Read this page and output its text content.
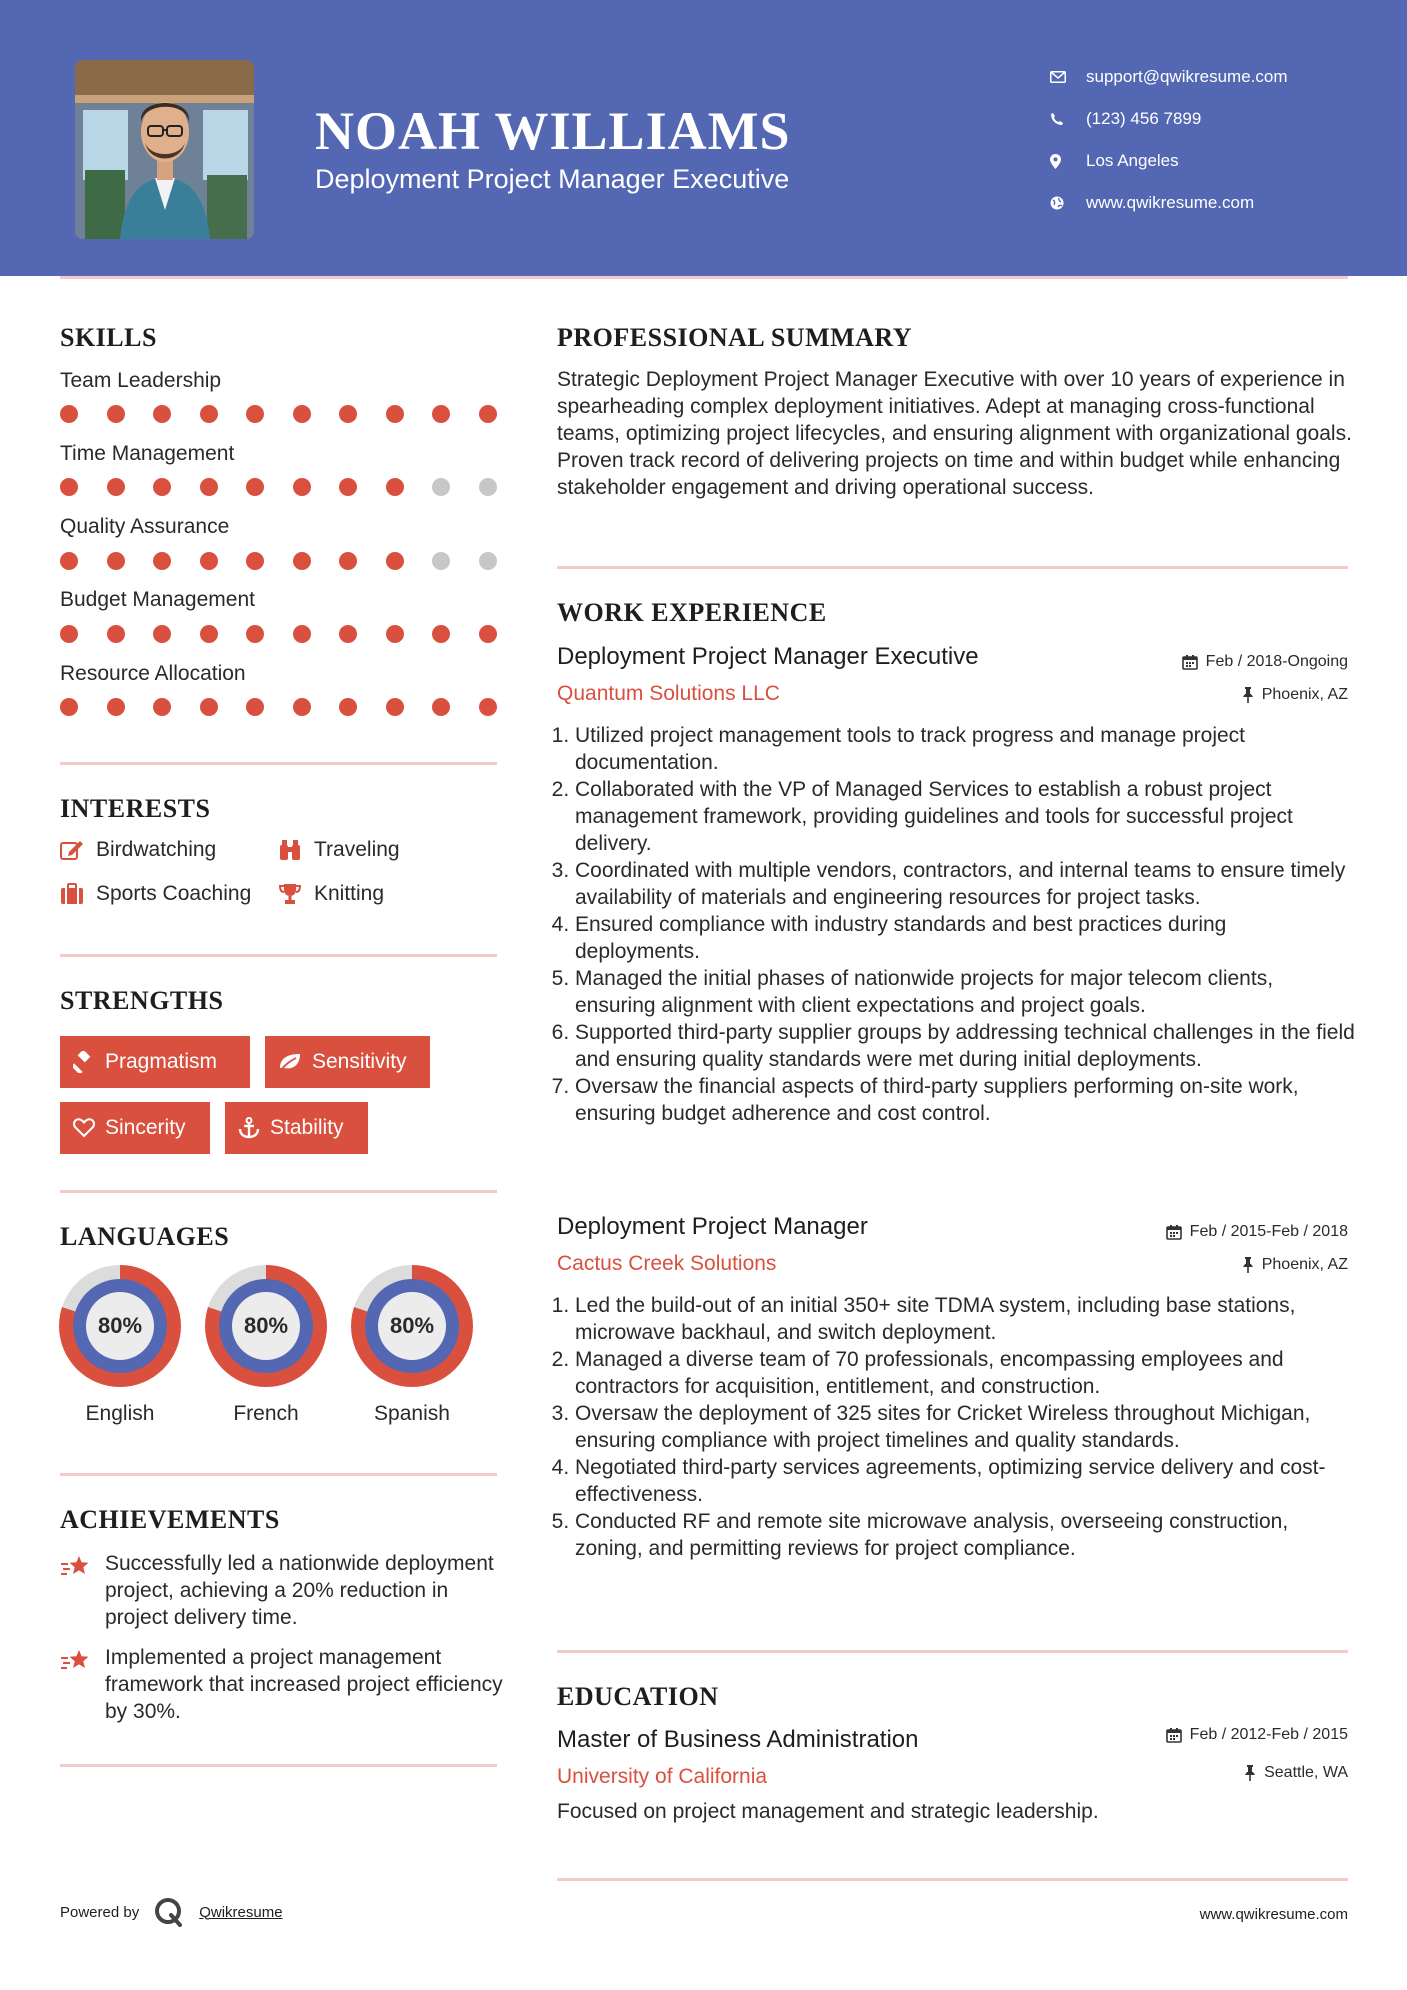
NOAH WILLIAMS
Deployment Project Manager Executive
support@qwikresume.com
(123) 456 7899
Los Angeles
www.qwikresume.com
SKILLS
Team Leadership
Time Management
Quality Assurance
Budget Management
Resource Allocation
INTERESTS
Birdwatching	Traveling
Sports Coaching	Knitting
STRENGTHS
Pragmatism	Sensitivity
Sincerity	Stability
LANGUAGES
80%
English
80%
French
80%
Spanish
ACHIEVEMENTS
Successfully led a nationwide deployment project, achieving a 20% reduction in project delivery time.
Implemented a project management framework that increased project efficiency by 30%.
PROFESSIONAL SUMMARY
Strategic Deployment Project Manager Executive with over 10 years of experience in spearheading complex deployment initiatives. Adept at managing cross-functional teams, optimizing project lifecycles, and ensuring alignment with organizational goals. Proven track record of delivering projects on time and within budget while enhancing stakeholder engagement and driving operational success.
WORK EXPERIENCE
Deployment Project Manager Executive	Feb / 2018-Ongoing
Quantum Solutions LLC	Phoenix, AZ
1. Utilized project management tools to track progress and manage project documentation.
2. Collaborated with the VP of Managed Services to establish a robust project management framework, providing guidelines and tools for successful project delivery.
3. Coordinated with multiple vendors, contractors, and internal teams to ensure timely availability of materials and engineering resources for project tasks.
4. Ensured compliance with industry standards and best practices during deployments.
5. Managed the initial phases of nationwide projects for major telecom clients, ensuring alignment with client expectations and project goals.
6. Supported third-party supplier groups by addressing technical challenges in the field and ensuring quality standards were met during initial deployments.
7. Oversaw the financial aspects of third-party suppliers performing on-site work, ensuring budget adherence and cost control.
Deployment Project Manager	Feb / 2015-Feb / 2018
Cactus Creek Solutions	Phoenix, AZ
1. Led the build-out of an initial 350+ site TDMA system, including base stations, microwave backhaul, and switch deployment.
2. Managed a diverse team of 70 professionals, encompassing employees and contractors for acquisition, entitlement, and construction.
3. Oversaw the deployment of 325 sites for Cricket Wireless throughout Michigan, ensuring compliance with project timelines and quality standards.
4. Negotiated third-party services agreements, optimizing service delivery and cost-effectiveness.
5. Conducted RF and remote site microwave analysis, overseeing construction, zoning, and permitting reviews for project compliance.
EDUCATION
Master of Business Administration	Feb / 2012-Feb / 2015
University of California	Seattle, WA
Focused on project management and strategic leadership.
Powered by	Qwikresume	www.qwikresume.com
